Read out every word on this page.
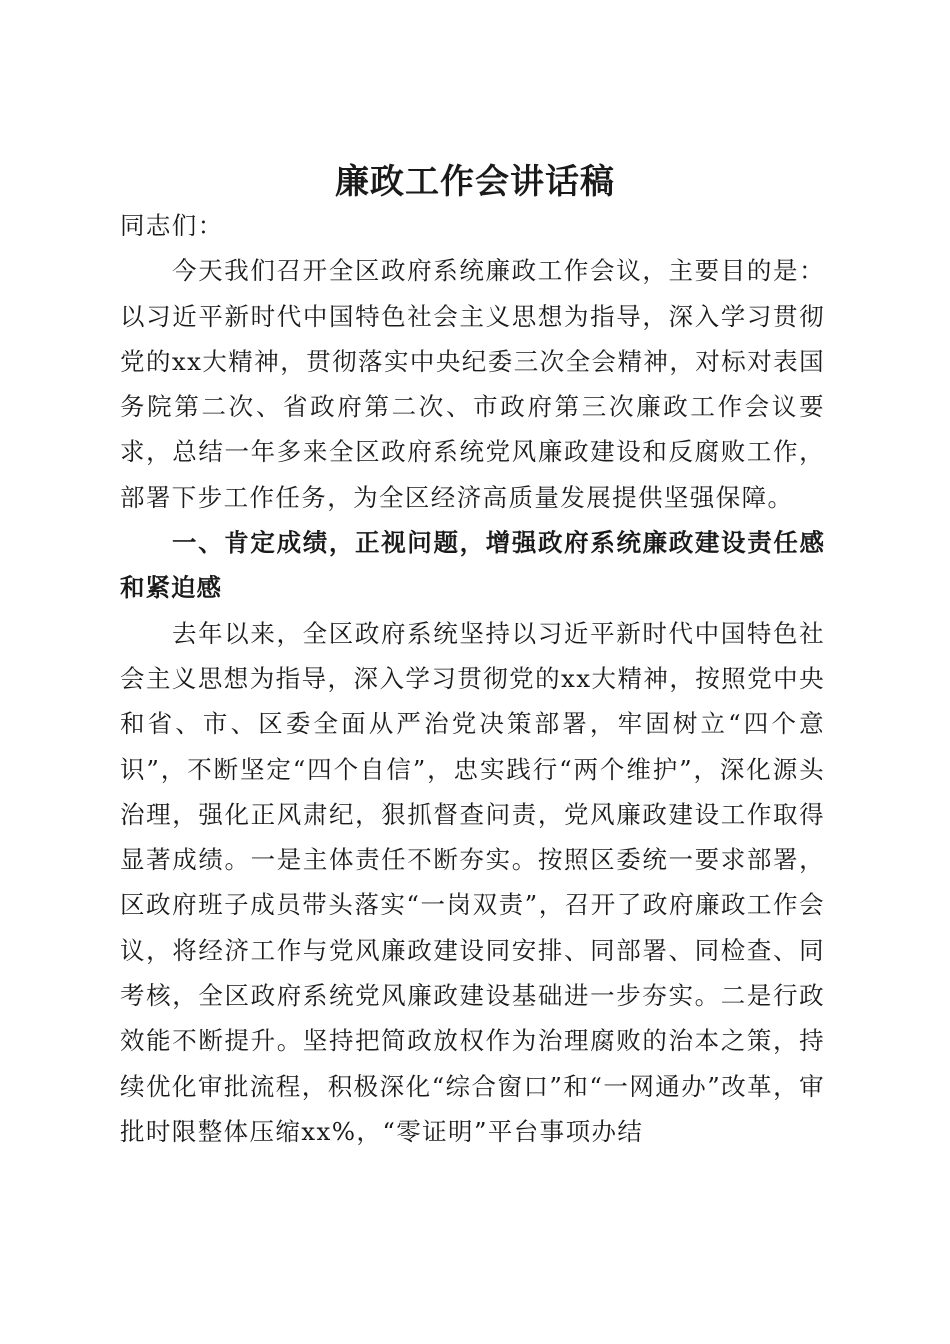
廉政工作会讲话稿

同志们：

今天我们召开全区政府系统廉政工作会议，主要目的是：以习近平新时代中国特色社会主义思想为指导，深入学习贯彻党的xx大精神，贯彻落实中央纪委三次全会精神，对标对表国务院第二次、省政府第二次、市政府第三次廉政工作会议要求，总结一年多来全区政府系统党风廉政建设和反腐败工作，部署下步工作任务，为全区经济高质量发展提供坚强保障。

一、肯定成绩，正视问题，增强政府系统廉政建设责任感和紧迫感

去年以来，全区政府系统坚持以习近平新时代中国特色社会主义思想为指导，深入学习贯彻党的xx大精神，按照党中央和省、市、区委全面从严治党决策部署，牢固树立“四个意识”，不断坚定“四个自信”，忠实践行“两个维护”，深化源头治理，强化正风肃纪，狠抓督查问责，党风廉政建设工作取得显著成绩。一是主体责任不断夯实。按照区委统一要求部署，区政府班子成员带头落实“一岗双责”，召开了政府廉政工作会议，将经济工作与党风廉政建设同安排、同部署、同检查、同考核，全区政府系统党风廉政建设基础进一步夯实。二是行政效能不断提升。坚持把简政放权作为治理腐败的治本之策，持续优化审批流程，积极深化“综合窗口”和“一网通办”改革，审批时限整体压缩xx%，“零证明”平台事项办结
